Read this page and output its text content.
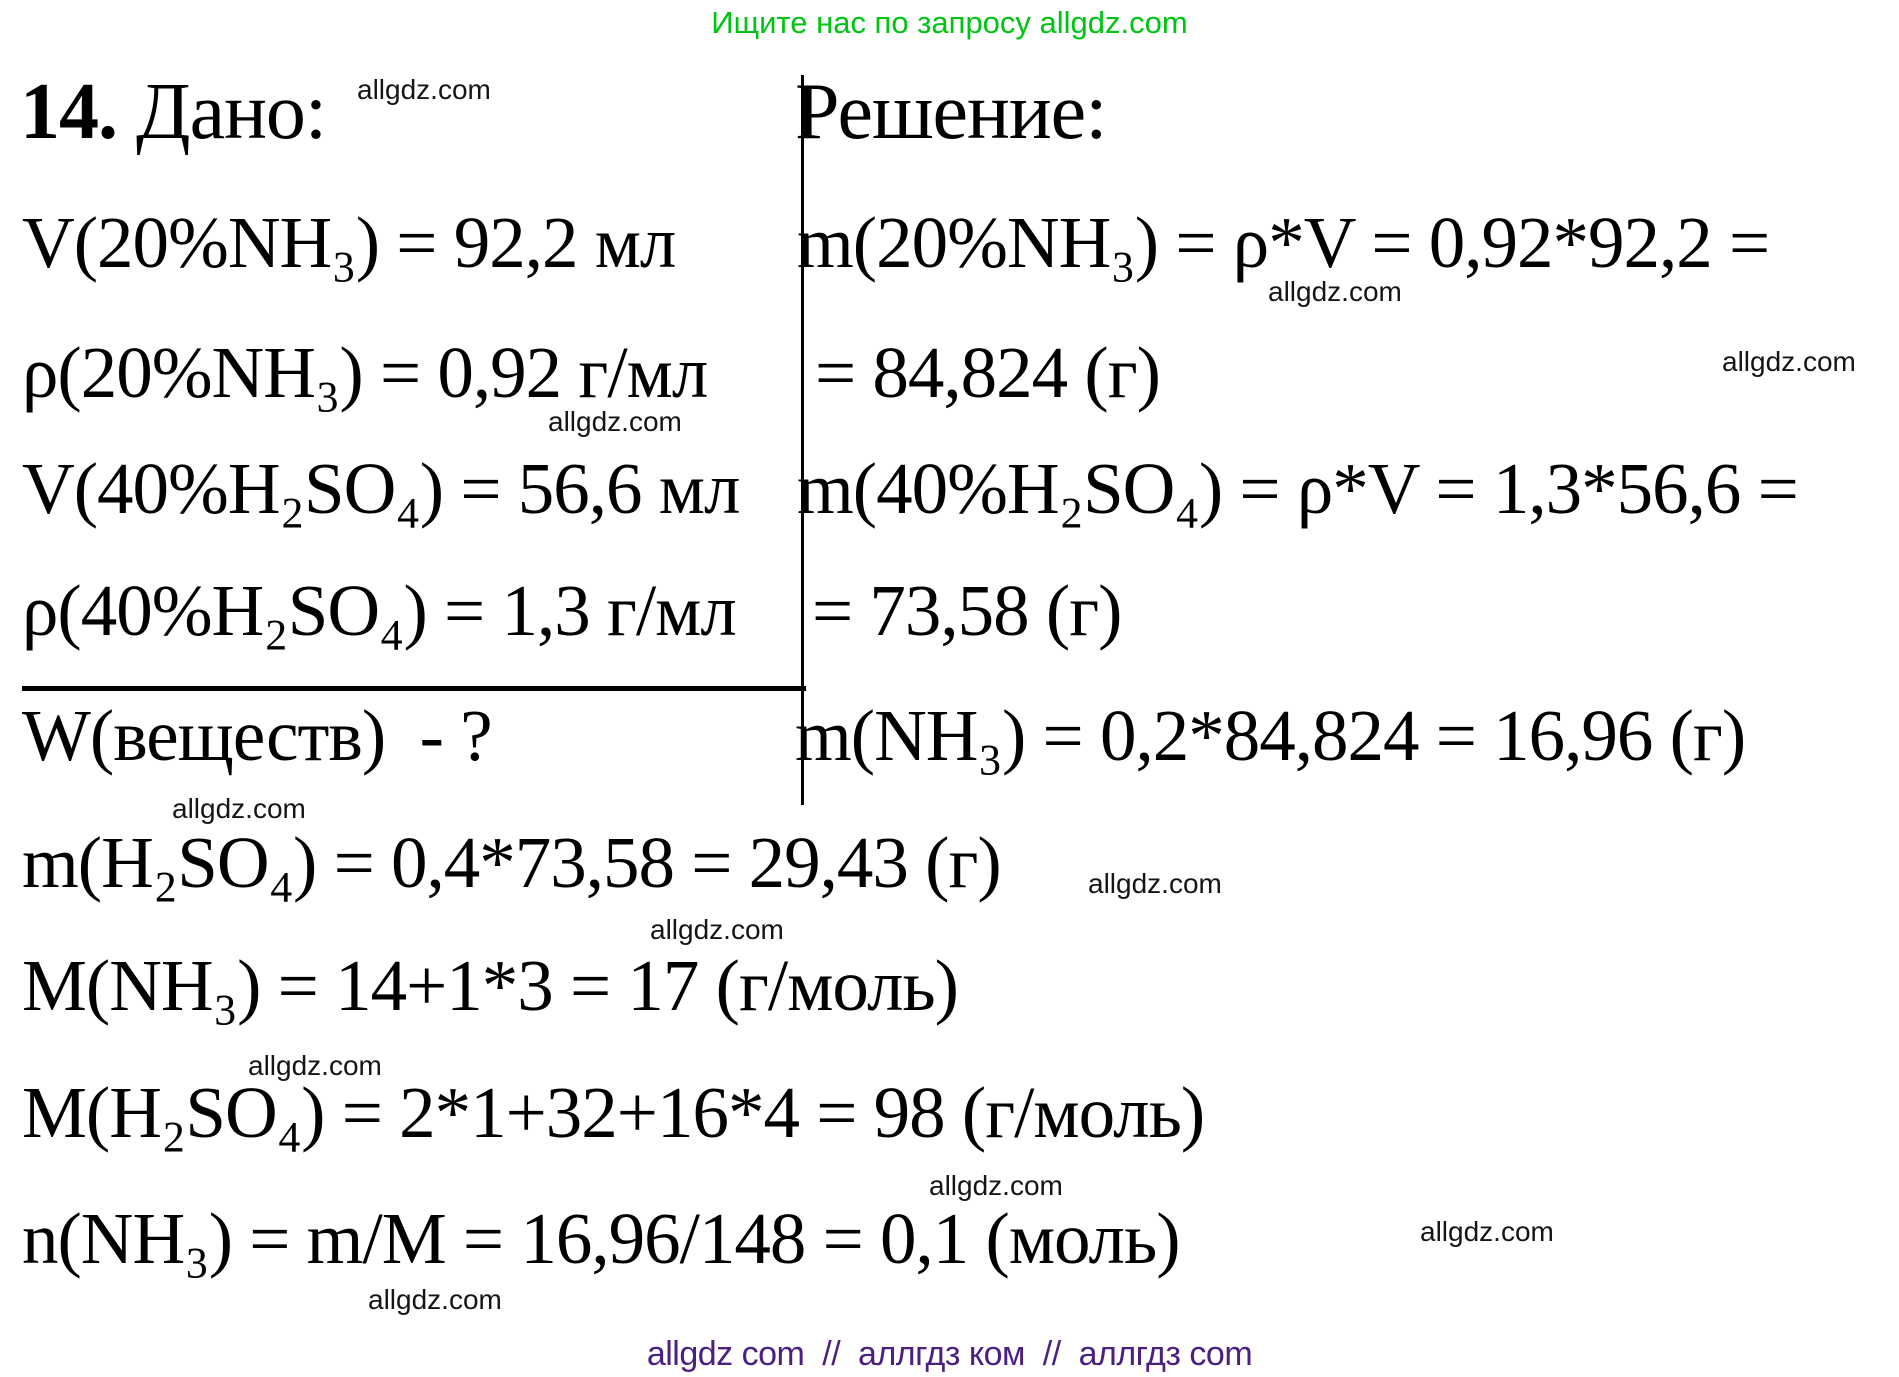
Ищите нас по запросу allgdz.com
14. Дано:	Решение:
V(20%NH₃) = 92,2 мл
ρ(20%NH₃) = 0,92 г/мл
V(40%H₂SO₄) = 56,6 мл
ρ(40%H₂SO₄) = 1,3 г/мл
W(веществ)  - ?
m(20%NH₃) = ρ*V = 0,92*92,2 =
= 84,824 (г)
m(40%H₂SO₄) = ρ*V = 1,3*56,6 =
= 73,58 (г)
m(NH₃) = 0,2*84,824 = 16,96 (г)
m(H₂SO₄) = 0,4*73,58 = 29,43 (г)
M(NH₃) = 14+1*3 = 17 (г/моль)
M(H₂SO₄) = 2*1+32+16*4 = 98 (г/моль)
n(NH₃) = m/M = 16,96/148 = 0,1 (моль)
allgdz.com
allgdz.com
allgdz.com
allgdz.com
allgdz.com
allgdz.com
allgdz.com
allgdz.com
allgdz.com
allgdz.com
allgdz.com
allgdz com  //  аллгдз ком  //  аллгдз com
